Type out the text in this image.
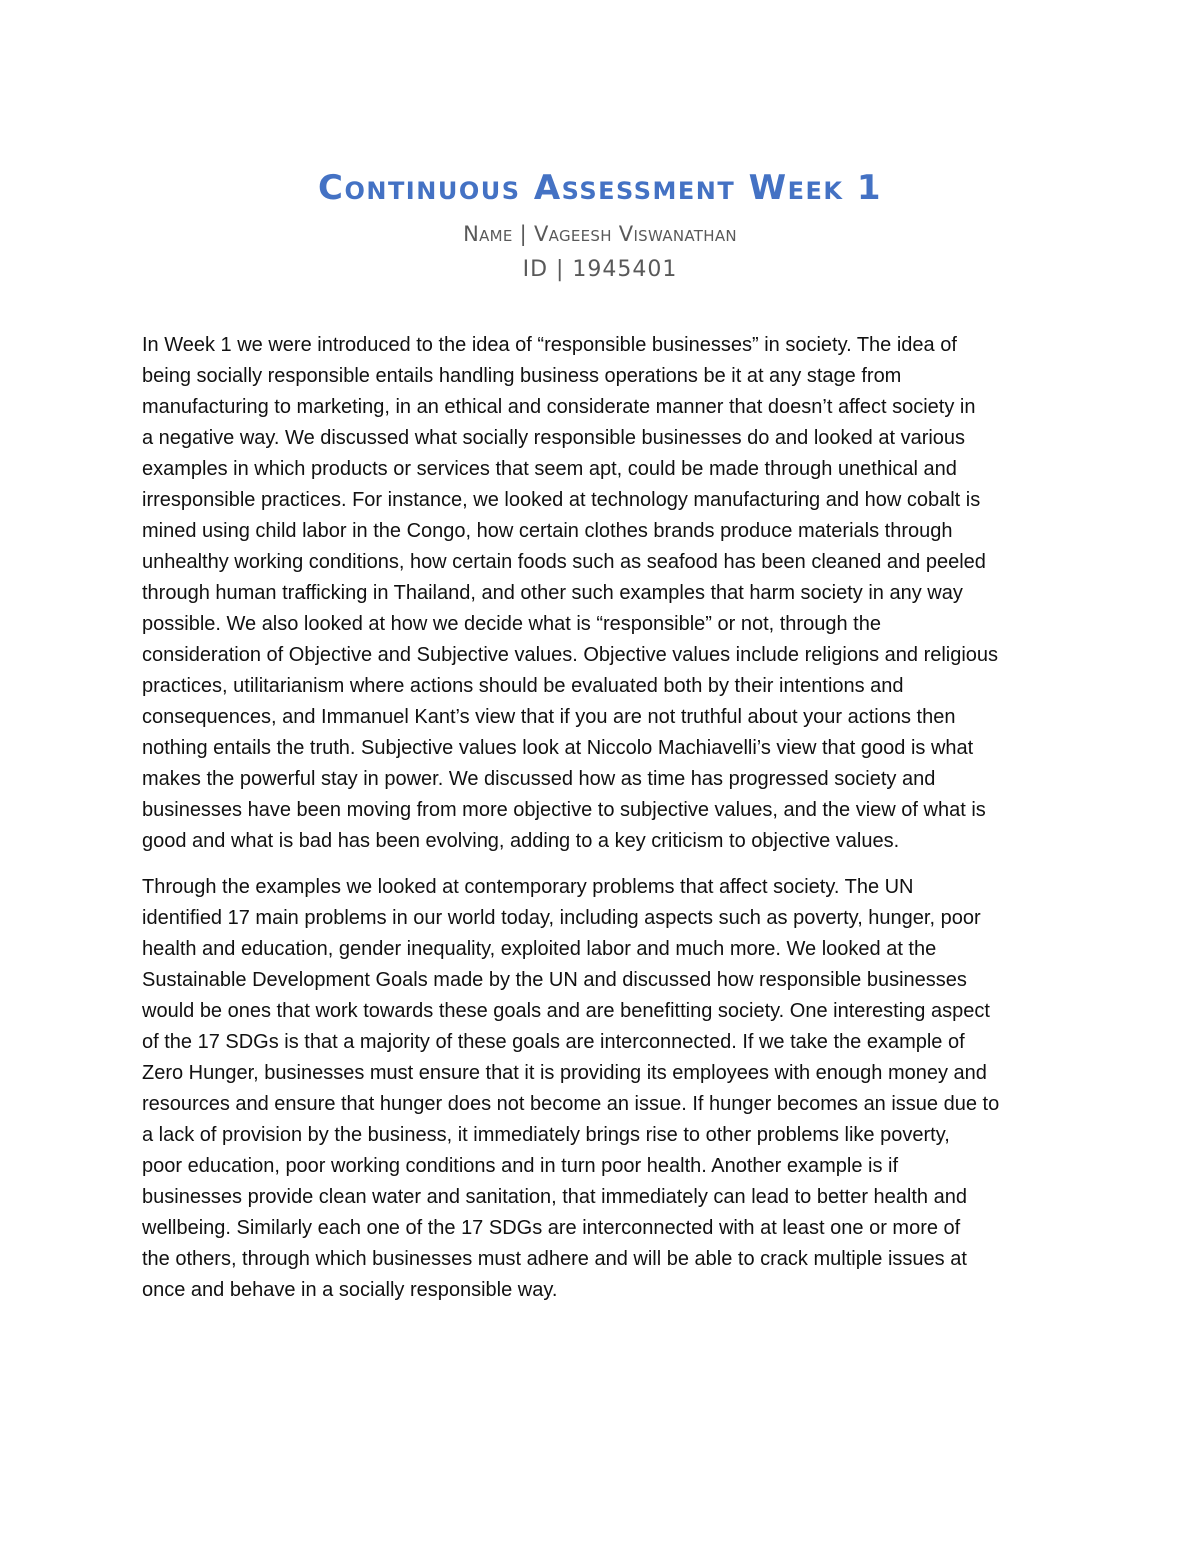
Continuous Assessment Week 1
Name | Vageesh Viswanathan
ID | 1945401

In Week 1 we were introduced to the idea of “responsible businesses” in society. The idea of
being socially responsible entails handling business operations be it at any stage from
manufacturing to marketing, in an ethical and considerate manner that doesn’t affect society in
a negative way. We discussed what socially responsible businesses do and looked at various
examples in which products or services that seem apt, could be made through unethical and
irresponsible practices. For instance, we looked at technology manufacturing and how cobalt is
mined using child labor in the Congo, how certain clothes brands produce materials through
unhealthy working conditions, how certain foods such as seafood has been cleaned and peeled
through human trafficking in Thailand, and other such examples that harm society in any way
possible. We also looked at how we decide what is “responsible” or not, through the
consideration of Objective and Subjective values. Objective values include religions and religious
practices, utilitarianism where actions should be evaluated both by their intentions and
consequences, and Immanuel Kant’s view that if you are not truthful about your actions then
nothing entails the truth. Subjective values look at Niccolo Machiavelli’s view that good is what
makes the powerful stay in power. We discussed how as time has progressed society and
businesses have been moving from more objective to subjective values, and the view of what is
good and what is bad has been evolving, adding to a key criticism to objective values.

Through the examples we looked at contemporary problems that affect society. The UN
identified 17 main problems in our world today, including aspects such as poverty, hunger, poor
health and education, gender inequality, exploited labor and much more. We looked at the
Sustainable Development Goals made by the UN and discussed how responsible businesses
would be ones that work towards these goals and are benefitting society. One interesting aspect
of the 17 SDGs is that a majority of these goals are interconnected. If we take the example of
Zero Hunger, businesses must ensure that it is providing its employees with enough money and
resources and ensure that hunger does not become an issue. If hunger becomes an issue due to
a lack of provision by the business, it immediately brings rise to other problems like poverty,
poor education, poor working conditions and in turn poor health. Another example is if
businesses provide clean water and sanitation, that immediately can lead to better health and
wellbeing. Similarly each one of the 17 SDGs are interconnected with at least one or more of
the others, through which businesses must adhere and will be able to crack multiple issues at
once and behave in a socially responsible way.
